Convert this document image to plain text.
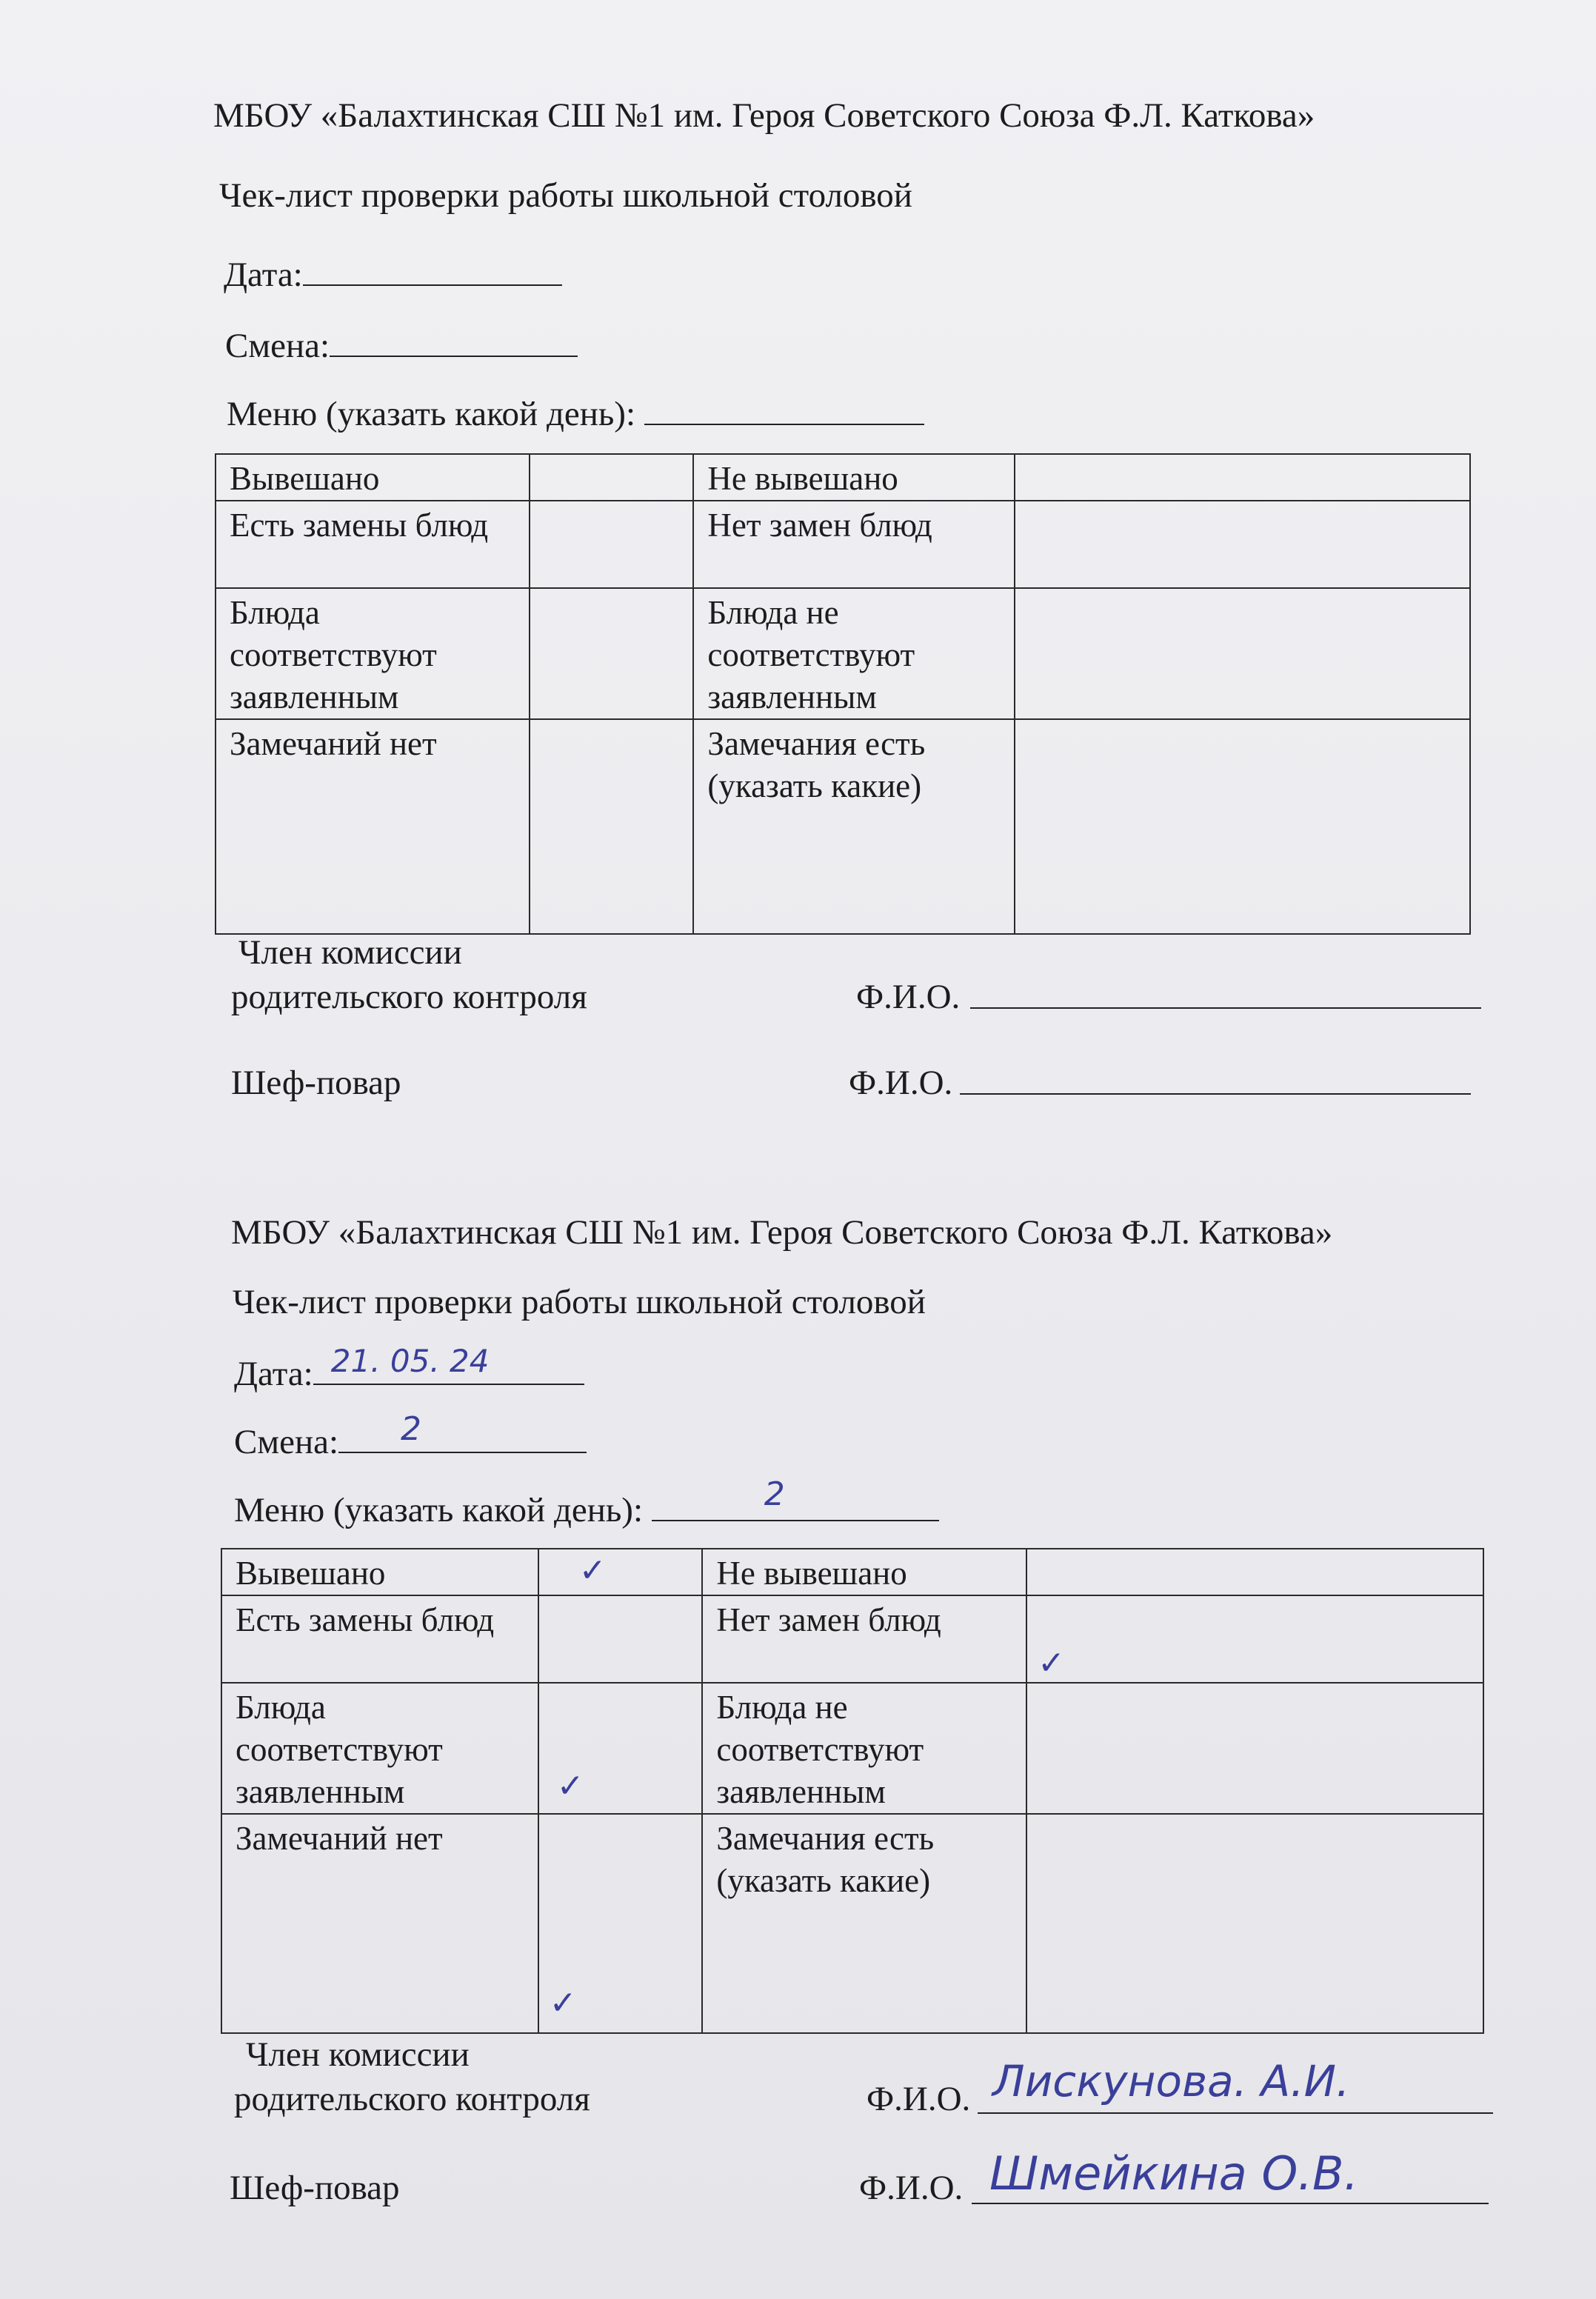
МБОУ «Балахтинская СШ №1 им. Героя Советского Союза Ф.Л. Каткова»
Чек-лист проверки работы школьной столовой
Дата:
Смена:
Меню (указать какой день):
Вывешано		Не вывешано	

Есть замены блюд		Нет замен блюд	

Блюда соответствуют заявленным		Блюда не соответствуют заявленным	

Замечаний нет		Замечания есть (указать какие)	
Член комиссии
родительского контроля	Ф.И.О.
Шеф-повар	Ф.И.О.
МБОУ «Балахтинская СШ №1 им. Героя Советского Союза Ф.Л. Каткова»
Чек-лист проверки работы школьной столовой
Дата: 21. 05. 24
Смена: 2
Меню (указать какой день):	2
Вывешано	✓	Не вывешано	

Есть замены блюд		Нет замен блюд	✓

Блюда соответствуют заявленным	✓	Блюда не соответствуют заявленным	

Замечаний нет	✓	Замечания есть (указать какие)	
Член комиссии
родительского контроля	Ф.И.О. Лискунова. А.И.
Шеф-повар	Ф.И.О. Шмейкина О.В.
